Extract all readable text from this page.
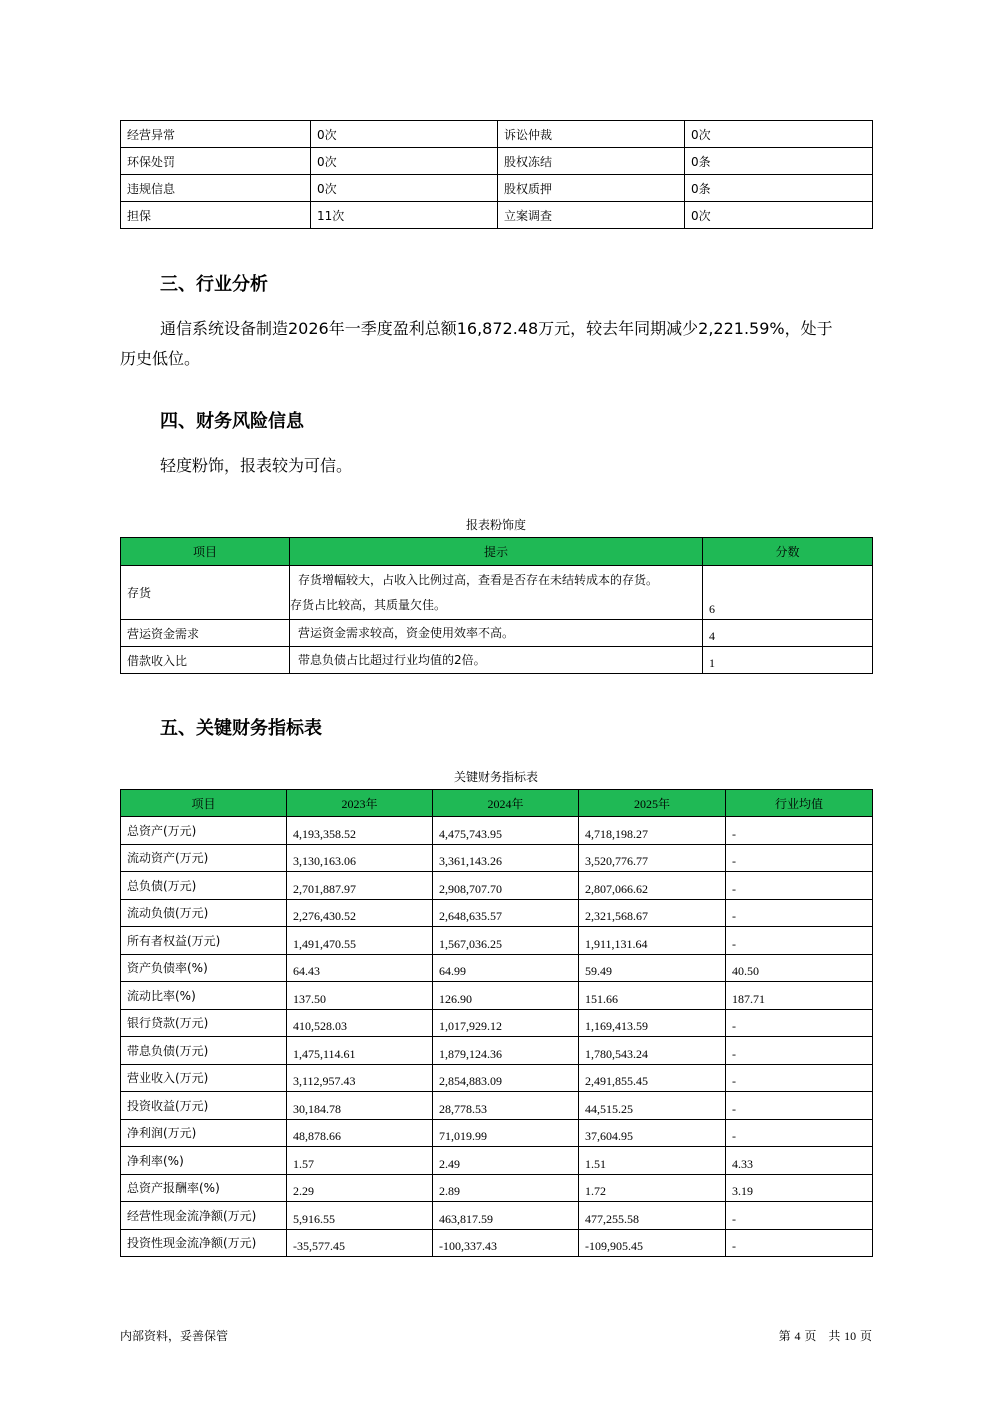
经营异常	0次	诉讼仲裁	0次
环保处罚	0次	股权冻结	0条
违规信息	0次	股权质押	0条
担保	11次	立案调查	0次
三、行业分析
通信系统设备制造2026年一季度盈利总额16,872.48万元，较去年同期减少2,221.59%，处于
历史低位。
四、财务风险信息
轻度粉饰，报表较为可信。
报表粉饰度
项目	提示	分数
存货	存货增幅较大，占收入比例过高，查看是否存在未结转成本的存货。
存货占比较高，其质量欠佳。	6
营运资金需求	营运资金需求较高，资金使用效率不高。	4
借款收入比	带息负债占比超过行业均值的2倍。	1
五、关键财务指标表
关键财务指标表
项目	2023年	2024年	2025年	行业均值
总资产(万元)	4,193,358.52	4,475,743.95	4,718,198.27	-
流动资产(万元)	3,130,163.06	3,361,143.26	3,520,776.77	-
总负债(万元)	2,701,887.97	2,908,707.70	2,807,066.62	-
流动负债(万元)	2,276,430.52	2,648,635.57	2,321,568.67	-
所有者权益(万元)	1,491,470.55	1,567,036.25	1,911,131.64	-
资产负债率(%)	64.43	64.99	59.49	40.50
流动比率(%)	137.50	126.90	151.66	187.71
银行贷款(万元)	410,528.03	1,017,929.12	1,169,413.59	-
带息负债(万元)	1,475,114.61	1,879,124.36	1,780,543.24	-
营业收入(万元)	3,112,957.43	2,854,883.09	2,491,855.45	-
投资收益(万元)	30,184.78	28,778.53	44,515.25	-
净利润(万元)	48,878.66	71,019.99	37,604.95	-
净利率(%)	1.57	2.49	1.51	4.33
总资产报酬率(%)	2.29	2.89	1.72	3.19
经营性现金流净额(万元)	5,916.55	463,817.59	477,255.58	-
投资性现金流净额(万元)	-35,577.45	-100,337.43	-109,905.45	-
内部资料，妥善保管	第 4 页　共 10 页
